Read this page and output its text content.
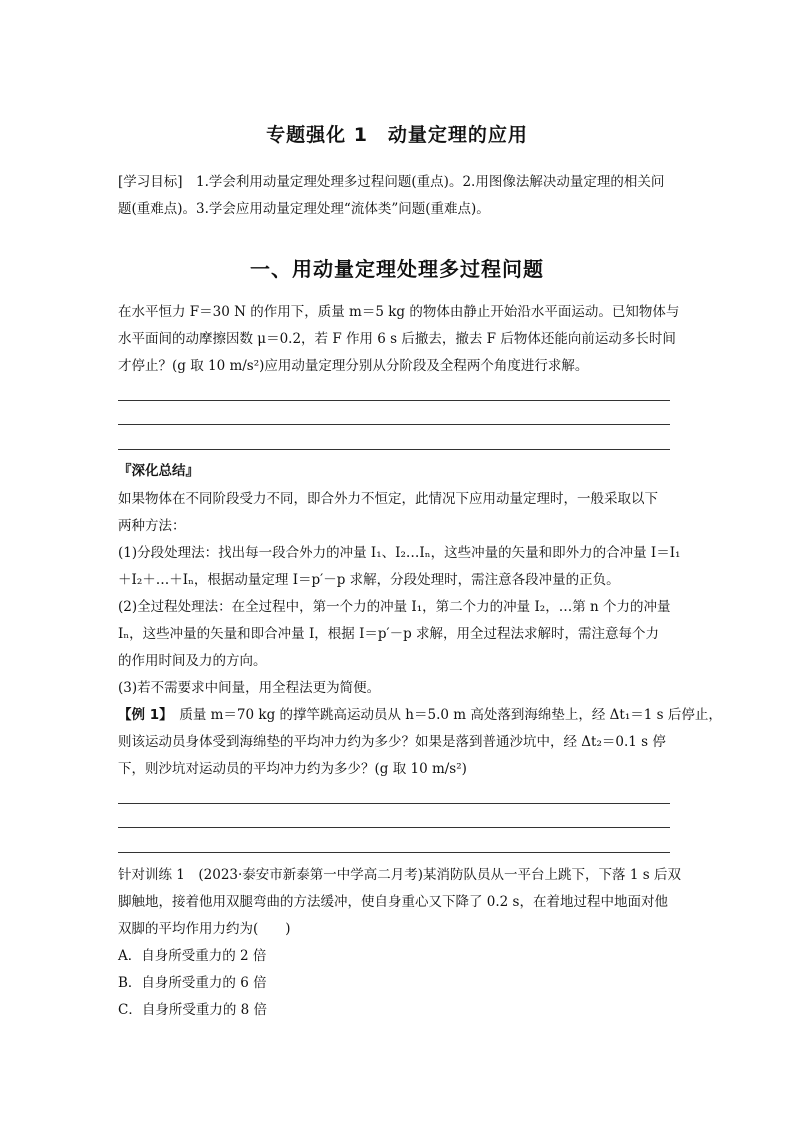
专题强化 1　动量定理的应用
[学习目标]　1.学会利用动量定理处理多过程问题(重点)。2.用图像法解决动量定理的相关问
题(重难点)。3.学会应用动量定理处理“流体类”问题(重难点)。
一、用动量定理处理多过程问题
在水平恒力 F＝30 N 的作用下，质量 m＝5 kg 的物体由静止开始沿水平面运动。已知物体与
水平面间的动摩擦因数 μ＝0.2，若 F 作用 6 s 后撤去，撤去 F 后物体还能向前运动多长时间
才停止？(g 取 10 m/s²)应用动量定理分别从分阶段及全程两个角度进行求解。
『深化总结』
如果物体在不同阶段受力不同，即合外力不恒定，此情况下应用动量定理时，一般采取以下
两种方法：
(1)分段处理法：找出每一段合外力的冲量 I₁、I₂…Iₙ，这些冲量的矢量和即外力的合冲量 I＝I₁
＋I₂＋…＋Iₙ，根据动量定理 I＝p′－p 求解，分段处理时，需注意各段冲量的正负。
(2)全过程处理法：在全过程中，第一个力的冲量 I₁，第二个力的冲量 I₂，…第 n 个力的冲量
Iₙ，这些冲量的矢量和即合冲量 I，根据 I＝p′－p 求解，用全过程法求解时，需注意每个力
的作用时间及力的方向。
(3)若不需要求中间量，用全程法更为简便。
【例 1】　质量 m＝70 kg 的撑竿跳高运动员从 h＝5.0 m 高处落到海绵垫上，经 Δt₁＝1 s 后停止，
则该运动员身体受到海绵垫的平均冲力约为多少？如果是落到普通沙坑中，经 Δt₂＝0.1 s 停
下，则沙坑对运动员的平均冲力约为多少？(g 取 10 m/s²)
针对训练 1　(2023·泰安市新泰第一中学高二月考)某消防队员从一平台上跳下，下落 1 s 后双
脚触地，接着他用双腿弯曲的方法缓冲，使自身重心又下降了 0.2 s，在着地过程中地面对他
双脚的平均作用力约为(　　)
A．自身所受重力的 2 倍
B．自身所受重力的 6 倍
C．自身所受重力的 8 倍
